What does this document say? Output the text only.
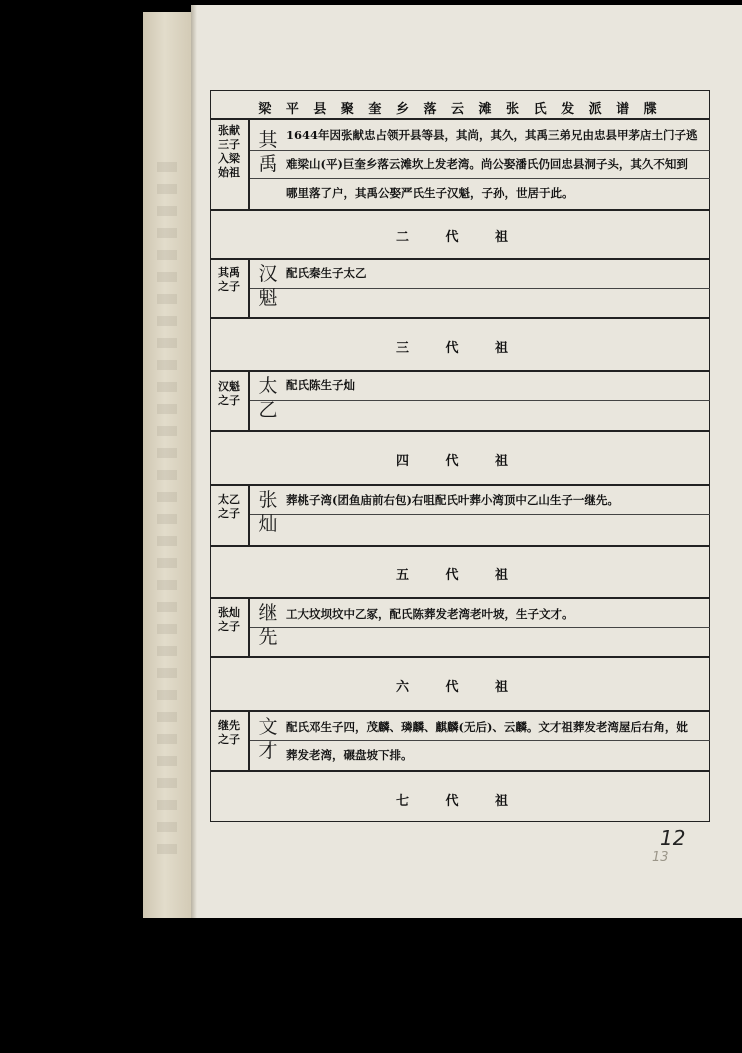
梁 平 县 聚 奎 乡 落 云 滩 张 氏 发 派 谱 牒
张献
三子
入梁
始祖
其
禹
1644年因张献忠占领开县等县，其尚，其久，其禹三弟兄由忠县甲茅店土门子逃
难梁山(平)巨奎乡落云滩坎上发老湾。尚公娶潘氏仍回忠县洞子头，其久不知到
哪里落了户，其禹公娶严氏生子汉魁，子孙，世居于此。
二 代 祖
其禹
之子
汉
魁
配氏秦生子太乙
三 代 祖
汉魁
之子
太
乙
配氏陈生子灿
四 代 祖
太乙
之子
张
灿
葬桃子湾(团鱼庙前右包)右咀配氏叶葬小湾顶中乙山生子一继先。
五 代 祖
张灿
之子
继
先
工大坟坝坟中乙冢，配氏陈葬发老湾老叶坡，生子文才。
六 代 祖
继先
之子
文
才
配氏邓生子四，茂麟、璘麟、麒麟(无后)、云麟。文才祖葬发老湾屋后右角，妣
葬发老湾，碾盘坡下排。
七 代 祖
12
13
